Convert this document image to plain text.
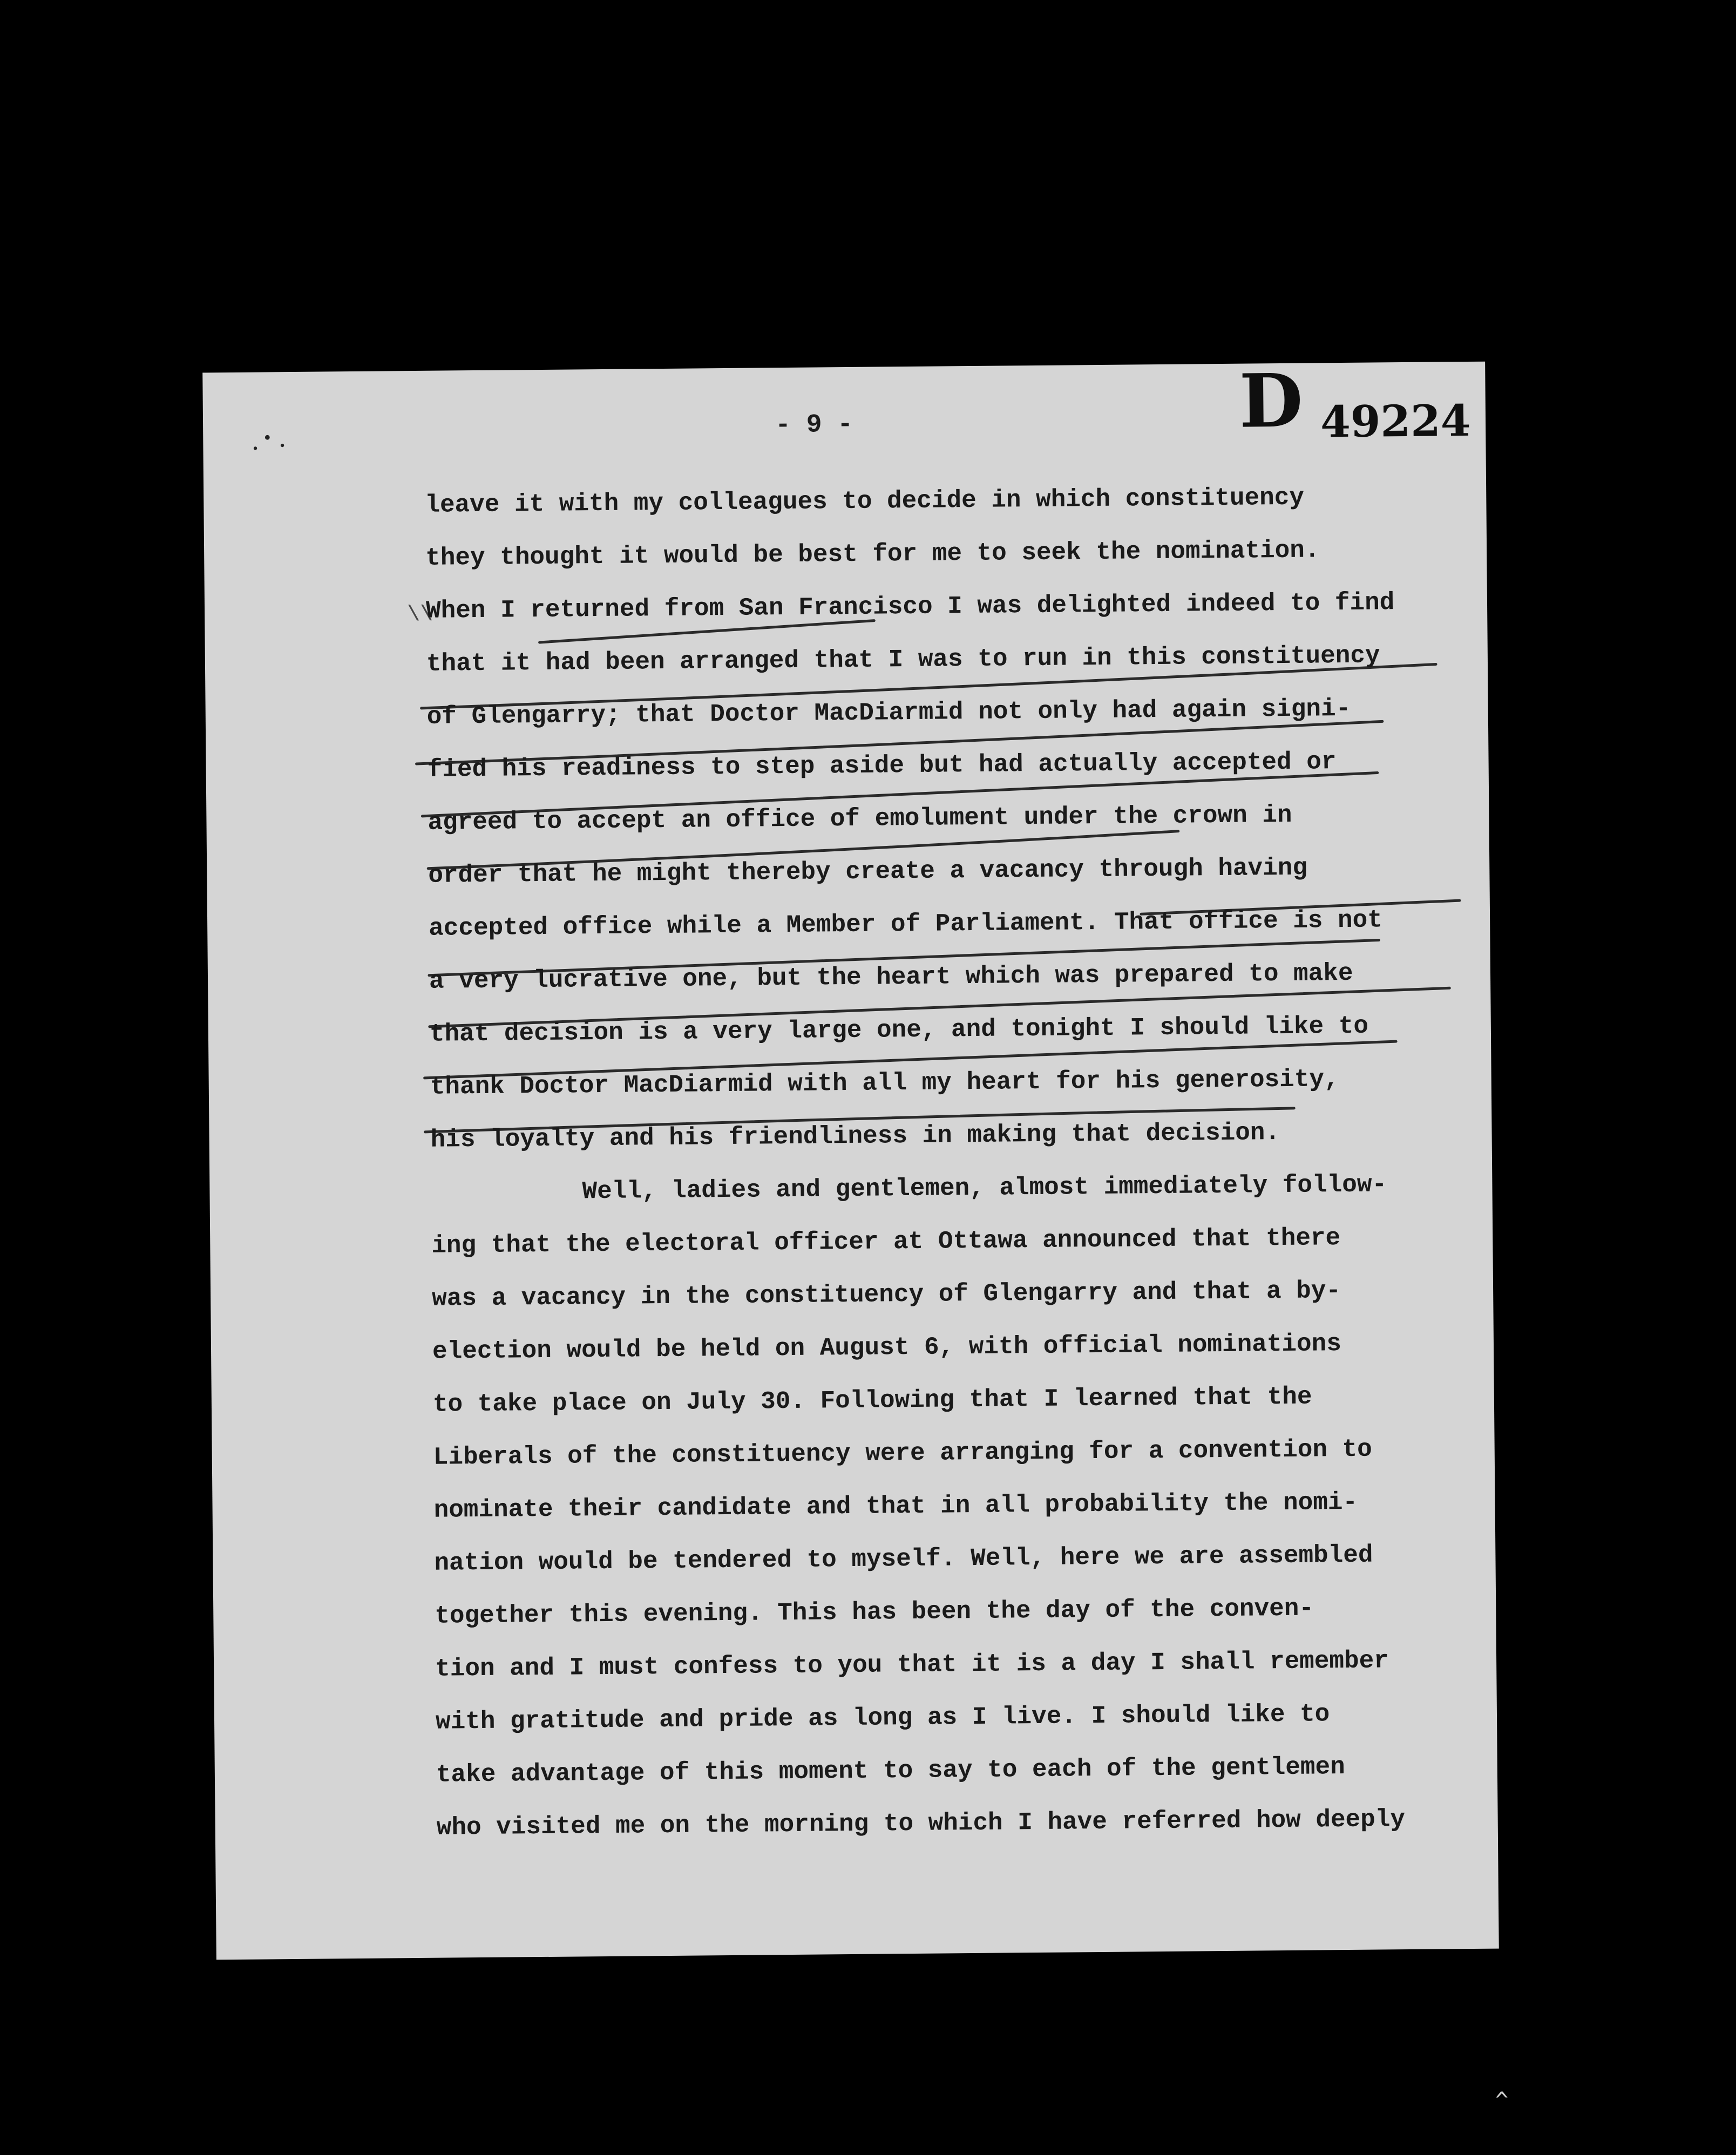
•
• •
- 9 -	D 49224
\\
leave it with my colleagues to decide in which constituency
they thought it would be best for me to seek the nomination.
When I returned from San Francisco I was delighted indeed to find
that it had been arranged that I was to run in this constituency
of Glengarry; that Doctor MacDiarmid not only had again signi-
fied his readiness to step aside but had actually accepted or
agreed to accept an office of emolument under the crown in
order that he might thereby create a vacancy through having
accepted office while a Member of Parliament. That office is not
a very lucrative one, but the heart which was prepared to make
that decision is a very large one, and tonight I should like to
thank Doctor MacDiarmid with all my heart for his generosity,
his loyalty and his friendliness in making that decision.
Well, ladies and gentlemen, almost immediately follow-
ing that the electoral officer at Ottawa announced that there
was a vacancy in the constituency of Glengarry and that a by-
election would be held on August 6, with official nominations
to take place on July 30. Following that I learned that the
Liberals of the constituency were arranging for a convention to
nominate their candidate and that in all probability the nomi-
nation would be tendered to myself. Well, here we are assembled
together this evening. This has been the day of the conven-
tion and I must confess to you that it is a day I shall remember
with gratitude and pride as long as I live. I should like to
take advantage of this moment to say to each of the gentlemen
who visited me on the morning to which I have referred how deeply
^
